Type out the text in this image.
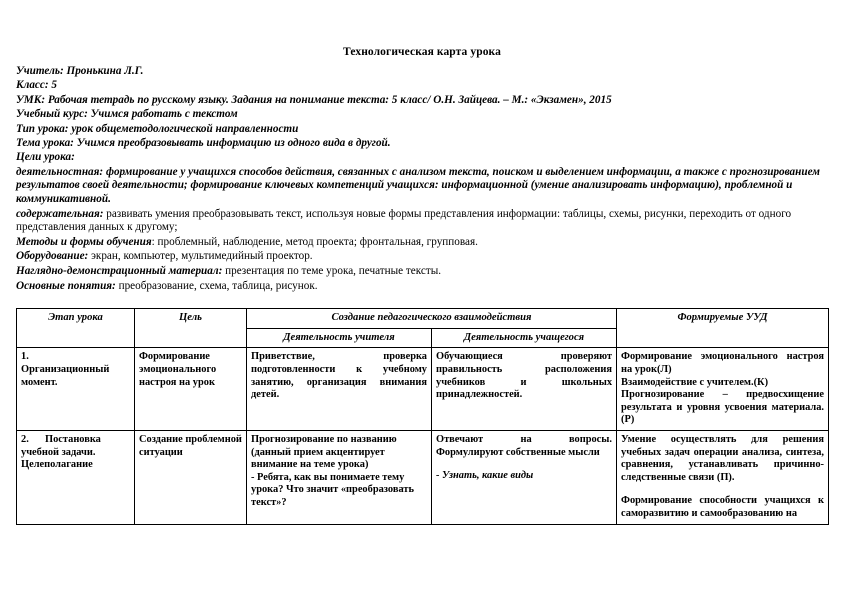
Технологическая карта урока
Учитель: Пронькина Л.Г.
Класс: 5
УМК: Рабочая тетрадь по русскому языку. Задания на понимание текста: 5 класс/ О.Н. Зайцева. – М.: «Экзамен», 2015
Учебный курс: Учимся работать с текстом
Тип урока: урок общеметодологической направленности
Тема урока: Учимся преобразовывать информацию из одного вида в другой.
Цели урока:
деятельностная: формирование у учащихся способов действия, связанных с анализом текста, поиском и выделением информации, а также с прогнозированием результатов своей деятельности; формирование ключевых компетенций учащихся: информационной (умение анализировать информацию), проблемной и коммуникативной.
содержательная: развивать умения преобразовывать текст, используя новые формы представления информации: таблицы, схемы, рисунки, переходить от одного представления данных к другому;
Методы и формы обучения: проблемный, наблюдение, метод проекта; фронтальная, групповая.
Оборудование: экран, компьютер, мультимедийный проектор.
Наглядно-демонстрационный материал: презентация по теме урока, печатные тексты.
Основные понятия: преобразование, схема, таблица, рисунок.
Этап урока	Цель	Создание педагогического взаимодействия		Формируемые УУД
		Деятельность учителя	Деятельность учащегося	

1.Организационный момент.	Формирование эмоционального настроя на урок	Приветствие, проверка подготовленности к учебному занятию, организация внимания детей.	Обучающиеся проверяют правильность расположения учебников и школьных принадлежностей.	Формирование эмоционального настроя на урок(Л)
Взаимодействие с учителем.(К)
Прогнозирование – предвосхищение результата и уровня усвоения материала.(Р)

2. Постановка учебной задачи. Целеполагание	Создание проблемной ситуации	Прогнозирование по названию (данный прием акцентирует внимание на теме урока)
- Ребята, как вы понимаете тему урока? Что значит «преобразовать текст»?	Отвечают на вопросы. Формулируют собственные мысли
- Узнать, какие виды	Умение осуществлять для решения учебных задач операции анализа, синтеза, сравнения, устанавливать причинно-следственные связи (П).
Формирование способности учащихся к саморазвитию и самообразованию на
